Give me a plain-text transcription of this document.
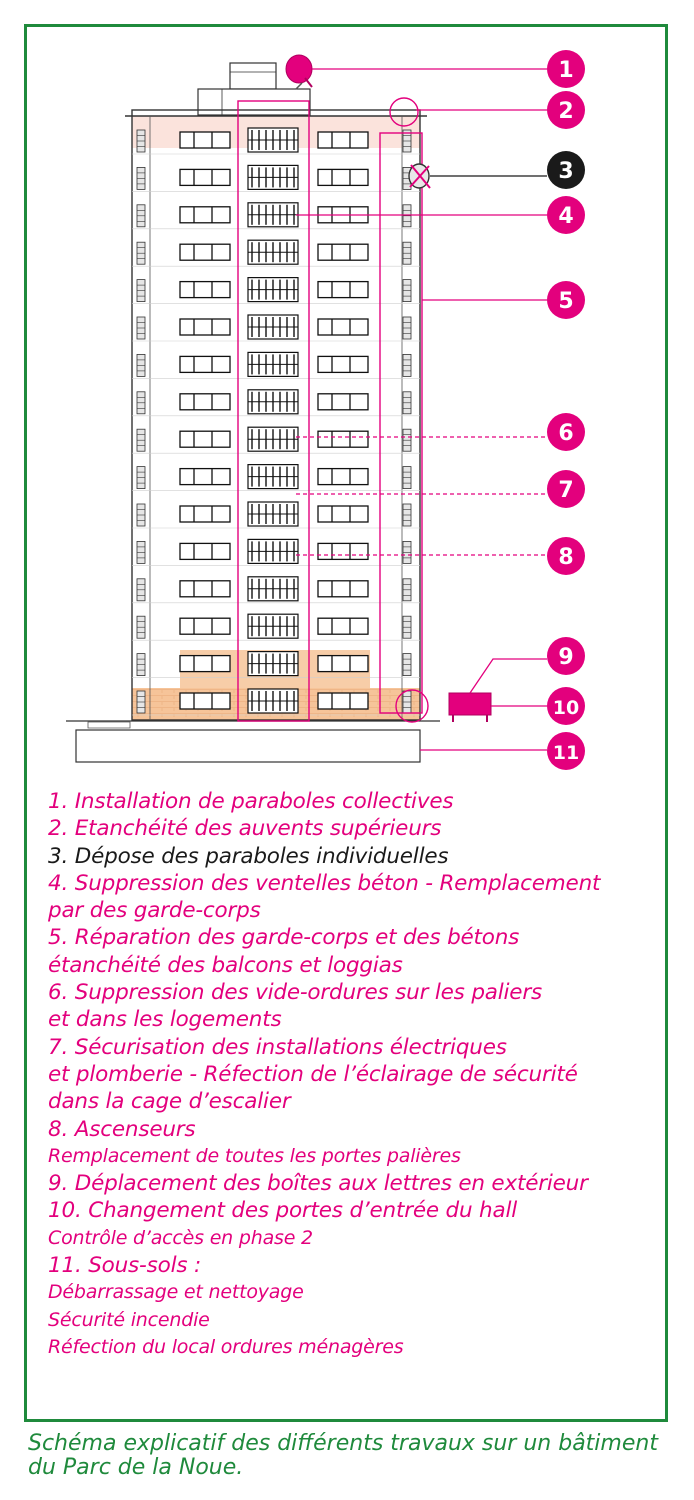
1
2
3
4
5
6
7
8
9
10
11
1. Installation de paraboles collectives
2. Etanchéité des auvents supérieurs
3. Dépose des paraboles individuelles
4. Suppression des ventelles béton - Remplacement
par des garde-corps
5. Réparation des garde-corps et des bétons
étanchéité des balcons et loggias
6. Suppression des vide-ordures sur les paliers
et dans les logements
7. Sécurisation des installations électriques
et plomberie - Réfection de l’éclairage de sécurité
dans la cage d’escalier
8. Ascenseurs
Remplacement de toutes les portes palières
9. Déplacement des boîtes aux lettres en extérieur
10. Changement des portes d’entrée du hall
Contrôle d’accès en phase 2
11. Sous-sols :
Débarrassage et nettoyage
Sécurité incendie
Réfection du local ordures ménagères

Schéma explicatif des différents travaux sur un bâtiment du Parc de la Noue.
